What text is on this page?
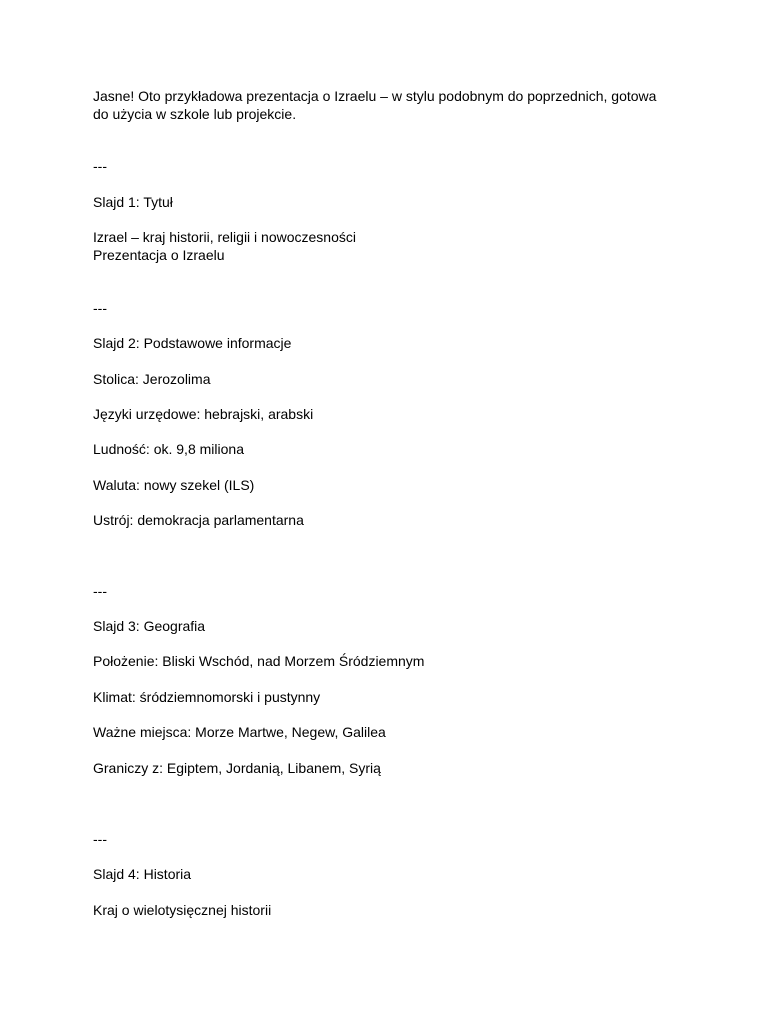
Jasne! Oto przykładowa prezentacja o Izraelu – w stylu podobnym do poprzednich, gotowa

do użycia w szkole lub projekcie.

---

Slajd 1: Tytuł

Izrael – kraj historii, religii i nowoczesności

Prezentacja o Izraelu

---

Slajd 2: Podstawowe informacje

Stolica: Jerozolima

Języki urzędowe: hebrajski, arabski

Ludność: ok. 9,8 miliona

Waluta: nowy szekel (ILS)

Ustrój: demokracja parlamentarna

---

Slajd 3: Geografia

Położenie: Bliski Wschód, nad Morzem Śródziemnym

Klimat: śródziemnomorski i pustynny

Ważne miejsca: Morze Martwe, Negew, Galilea

Graniczy z: Egiptem, Jordanią, Libanem, Syrią

---

Slajd 4: Historia

Kraj o wielotysięcznej historii
